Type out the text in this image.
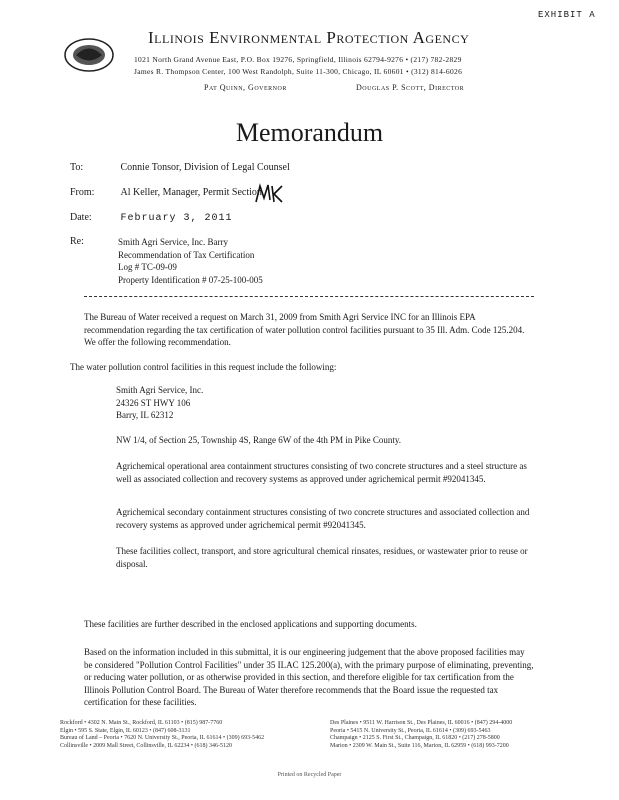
EXHIBIT A
Illinois Environmental Protection Agency
1021 North Grand Avenue East, P.O. Box 19276, Springfield, Illinois 62794-9276 • (217) 782-2829
James R. Thompson Center, 100 West Randolph, Suite 11-300, Chicago, IL 60601 • (312) 814-6026
Pat Quinn, Governor	Douglas P. Scott, Director
Memorandum
To:	Connie Tonsor, Division of Legal Counsel
From:	Al Keller, Manager, Permit Section
Date:	February 3, 2011
Re:	Smith Agri Service, Inc. Barry
Recommendation of Tax Certification
Log # TC-09-09
Property Identification # 07-25-100-005
The Bureau of Water received a request on March 31, 2009 from Smith Agri Service INC for an Illinois EPA recommendation regarding the tax certification of water pollution control facilities pursuant to 35 Ill. Adm. Code 125.204. We offer the following recommendation.
The water pollution control facilities in this request include the following:
Smith Agri Service, Inc.
24326 ST HWY 106
Barry, IL 62312
NW 1/4, of Section 25, Township 4S, Range 6W of the 4th PM in Pike County.
Agrichemical operational area containment structures consisting of two concrete structures and a steel structure as well as associated collection and recovery systems as approved under agrichemical permit #92041345.
Agrichemical secondary containment structures consisting of two concrete structures and associated collection and recovery systems as approved under agrichemical permit #92041345.
These facilities collect, transport, and store agricultural chemical rinsates, residues, or wastewater prior to reuse or disposal.
These facilities are further described in the enclosed applications and supporting documents.
Based on the information included in this submittal, it is our engineering judgement that the above proposed facilities may be considered "Pollution Control Facilities" under 35 ILAC 125.200(a), with the primary purpose of eliminating, preventing, or reducing water pollution, or as otherwise provided in this section, and therefore eligible for tax certification from the Illinois Pollution Control Board. The Bureau of Water therefore recommends that the Board issue the requested tax certification for these facilities.
Rockford • 4302 N. Main St., Rockford, IL 61103 • (815) 987-7760
Elgin • 595 S. State, Elgin, IL 60123 • (847) 608-3131
Bureau of Land – Peoria • 7620 N. University St., Peoria, IL 61614 • (309) 693-5462
Collinsville • 2009 Mall Street, Collinsville, IL 62234 • (618) 346-5120
Des Plaines • 9511 W. Harrison St., Des Plaines, IL 60016 • (847) 294-4000
Peoria • 5415 N. University St., Peoria, IL 61614 • (309) 693-5463
Champaign • 2125 S. First St., Champaign, IL 61820 • (217) 278-5800
Marion • 2309 W. Main St., Suite 116, Marion, IL 62959 • (618) 993-7200
Printed on Recycled Paper
